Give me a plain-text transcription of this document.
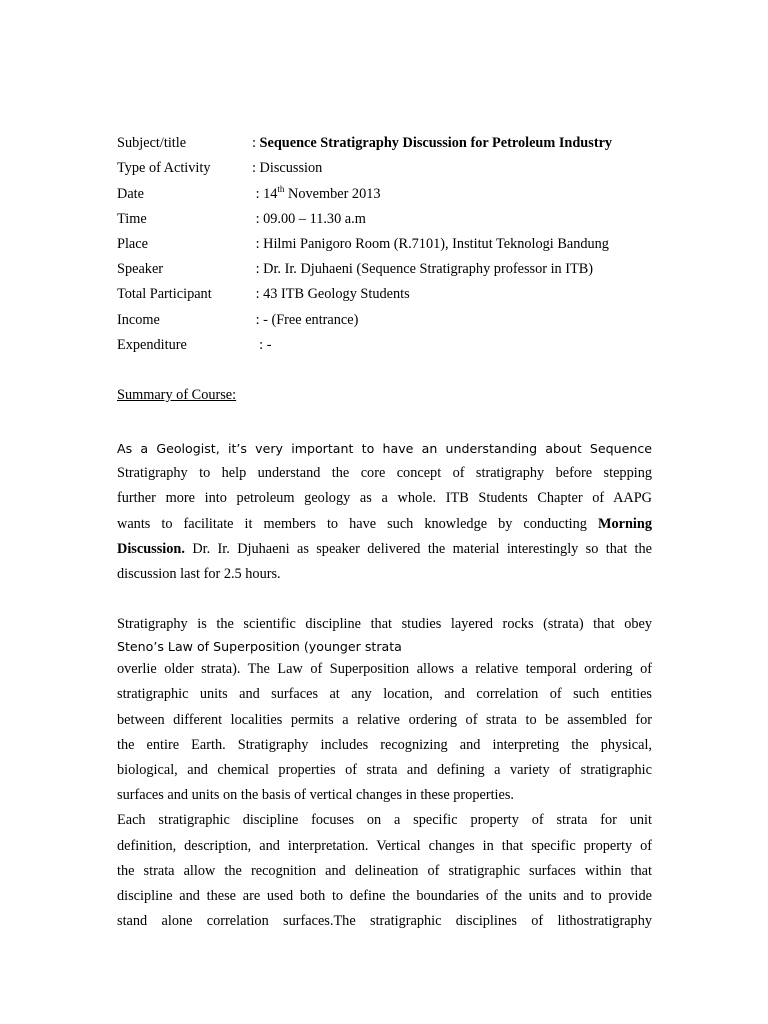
Subject/title	: Sequence Stratigraphy Discussion for Petroleum Industry
Type of Activity	: Discussion
Date	: 14th November 2013
Time	: 09.00 – 11.30 a.m
Place	: Hilmi Panigoro Room (R.7101), Institut Teknologi Bandung
Speaker	: Dr. Ir. Djuhaeni (Sequence Stratigraphy professor in ITB)
Total Participant	: 43 ITB Geology Students
Income	: - (Free entrance)
Expenditure	: -
Summary of Course:
As a Geologist, it’s very important to have an understanding about Sequence
Stratigraphy to help understand the core concept of stratigraphy before stepping
further more into petroleum geology as a whole. ITB Students Chapter of AAPG
wants to facilitate it members to have such knowledge by conducting Morning
Discussion. Dr. Ir. Djuhaeni as speaker delivered the material interestingly so that the
discussion last for 2.5 hours.
Stratigraphy is the scientific discipline that studies layered rocks (strata) that obey
Steno’s Law of Superposition (younger strata
overlie older strata). The Law of Superposition allows a relative temporal ordering of
stratigraphic units and surfaces at any location, and correlation of such entities
between different localities permits a relative ordering of strata to be assembled for
the entire Earth. Stratigraphy includes recognizing and interpreting the physical,
biological, and chemical properties of strata and defining a variety of stratigraphic
surfaces and units on the basis of vertical changes in these properties.
Each stratigraphic discipline focuses on a specific property of strata for unit
definition, description, and interpretation. Vertical changes in that specific property of
the strata allow the recognition and delineation of stratigraphic surfaces within that
discipline and these are used both to define the boundaries of the units and to provide
stand alone correlation surfaces.The stratigraphic disciplines of lithostratigraphy
